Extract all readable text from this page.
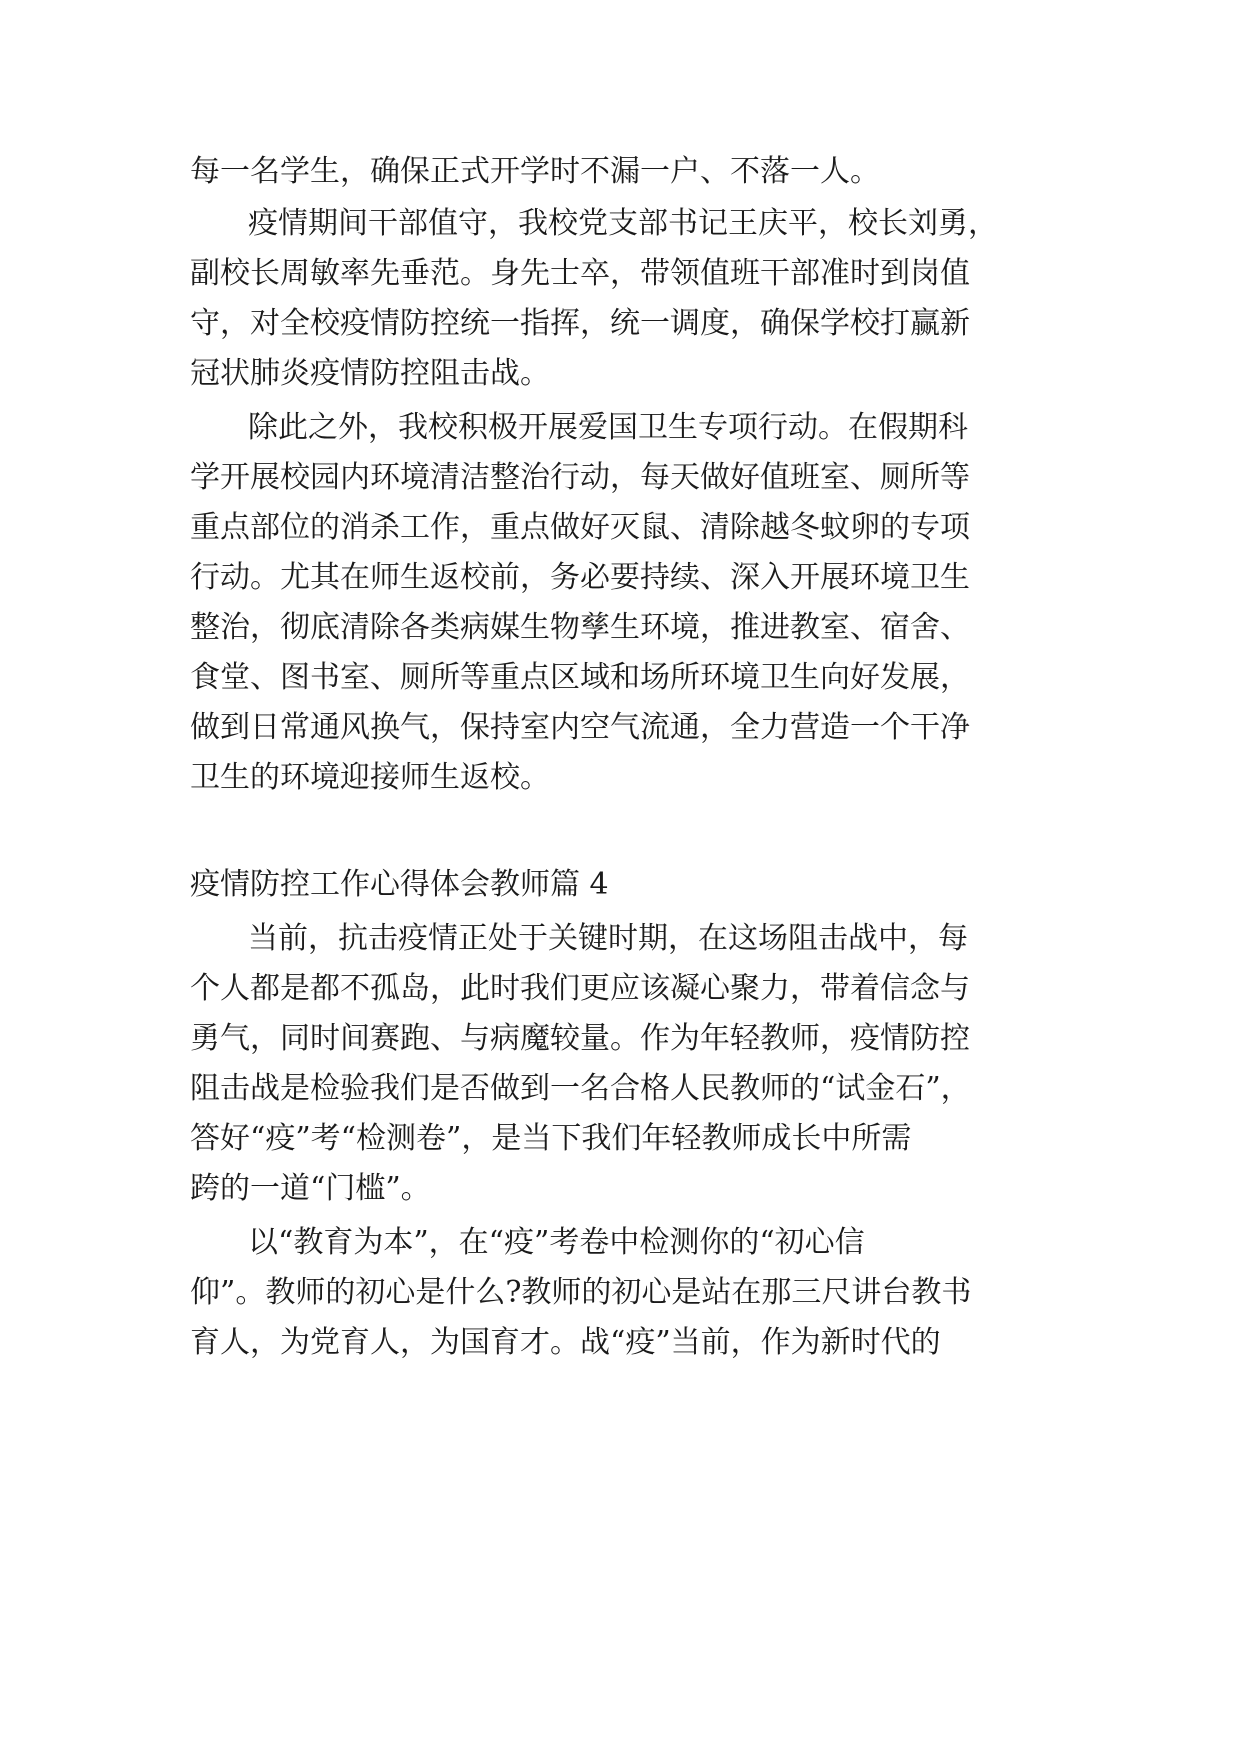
每一名学生，确保正式开学时不漏一户、不落一人。
疫情期间干部值守，我校党支部书记王庆平，校长刘勇，
副校长周敏率先垂范。身先士卒，带领值班干部准时到岗值
守，对全校疫情防控统一指挥，统一调度，确保学校打赢新
冠状肺炎疫情防控阻击战。
除此之外，我校积极开展爱国卫生专项行动。在假期科
学开展校园内环境清洁整治行动，每天做好值班室、厕所等
重点部位的消杀工作，重点做好灭鼠、清除越冬蚊卵的专项
行动。尤其在师生返校前，务必要持续、深入开展环境卫生
整治，彻底清除各类病媒生物孳生环境，推进教室、宿舍、
食堂、图书室、厕所等重点区域和场所环境卫生向好发展，
做到日常通风换气，保持室内空气流通，全力营造一个干净
卫生的环境迎接师生返校。
疫情防控工作心得体会教师篇 4
当前，抗击疫情正处于关键时期，在这场阻击战中，每
个人都是都不孤岛，此时我们更应该凝心聚力，带着信念与
勇气，同时间赛跑、与病魔较量。作为年轻教师，疫情防控
阻击战是检验我们是否做到一名合格人民教师的“试金石”，
答好“疫”考“检测卷”，是当下我们年轻教师成长中所需
跨的一道“门槛”。
以“教育为本”，在“疫”考卷中检测你的“初心信
仰”。教师的初心是什么?教师的初心是站在那三尺讲台教书
育人，为党育人，为国育才。战“疫”当前，作为新时代的
